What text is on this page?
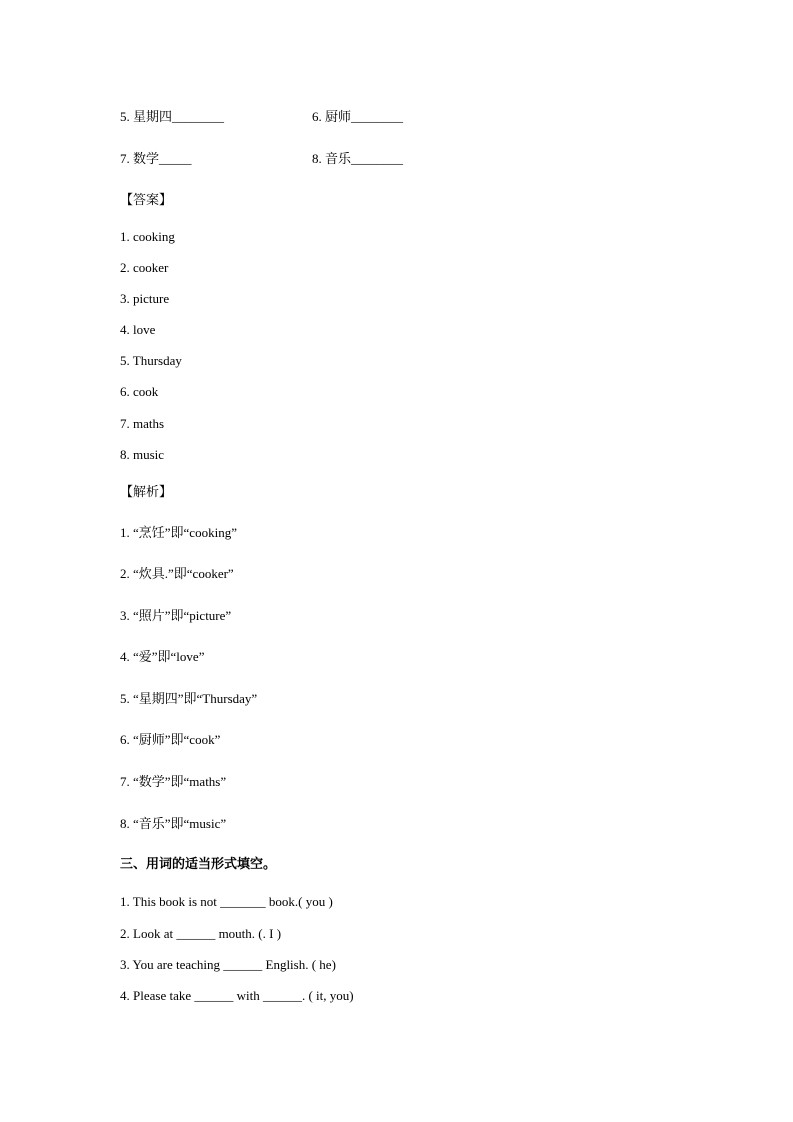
5. 星期四________	6. 厨师________
7. 数学_____	8. 音乐________
【答案】
1. cooking
2. cooker
3. picture
4. love
5. Thursday
6. cook
7. maths
8. music
【解析】
1. “烹饪”即“cooking”
2. “炊具.”即“cooker”
3. “照片”即“picture”
4. “爱”即“love”
5. “星期四”即“Thursday”
6. “厨师”即“cook”
7. “数学”即“maths”
8. “音乐”即“music”
三、用词的适当形式填空。
1. This book is not _______ book.( you )
2. Look at ______ mouth. (. I )
3. You are teaching ______ English. ( he)
4. Please take ______ with ______. ( it, you)
